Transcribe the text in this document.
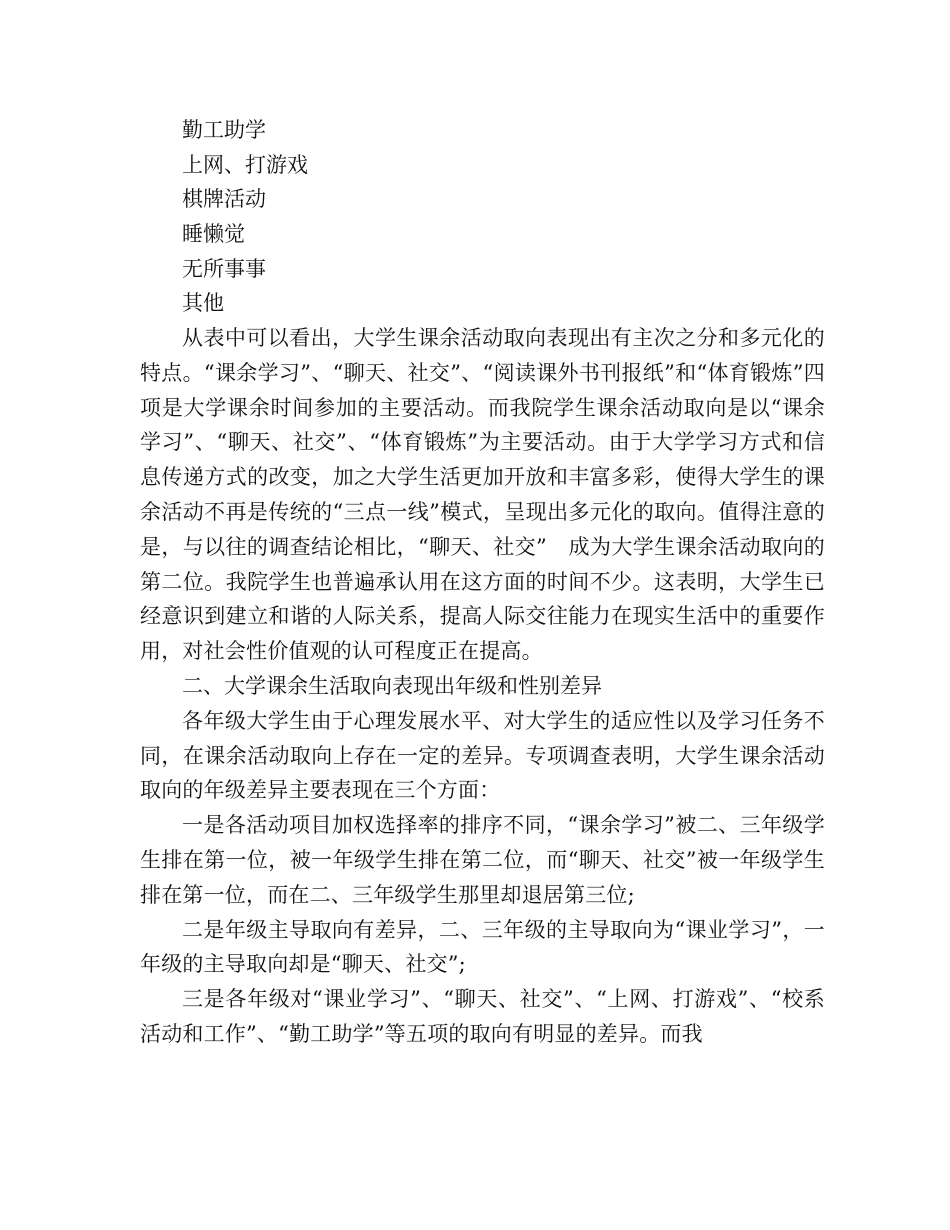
勤工助学
上网、打游戏
棋牌活动
睡懒觉
无所事事
其他

从表中可以看出，大学生课余活动取向表现出有主次之分和多元化的特点。“课余学习”、“聊天、社交”、“阅读课外书刊报纸”和“体育锻炼”四项是大学课余时间参加的主要活动。而我院学生课余活动取向是以“课余学习”、“聊天、社交”、“体育锻炼”为主要活动。由于大学学习方式和信息传递方式的改变，加之大学生活更加开放和丰富多彩，使得大学生的课余活动不再是传统的“三点一线”模式，呈现出多元化的取向。值得注意的是，与以往的调查结论相比，“聊天、社交”　成为大学生课余活动取向的第二位。我院学生也普遍承认用在这方面的时间不少。这表明，大学生已经意识到建立和谐的人际关系，提高人际交往能力在现实生活中的重要作用，对社会性价值观的认可程度正在提高。

二、大学课余生活取向表现出年级和性别差异

各年级大学生由于心理发展水平、对大学生的适应性以及学习任务不同，在课余活动取向上存在一定的差异。专项调查表明，大学生课余活动取向的年级差异主要表现在三个方面：

一是各活动项目加权选择率的排序不同，“课余学习”被二、三年级学生排在第一位，被一年级学生排在第二位，而“聊天、社交”被一年级学生排在第一位，而在二、三年级学生那里却退居第三位;

二是年级主导取向有差异，二、三年级的主导取向为“课业学习”，一年级的主导取向却是“聊天、社交”;

三是各年级对“课业学习”、“聊天、社交”、“上网、打游戏”、“校系活动和工作”、“勤工助学”等五项的取向有明显的差异。而我
